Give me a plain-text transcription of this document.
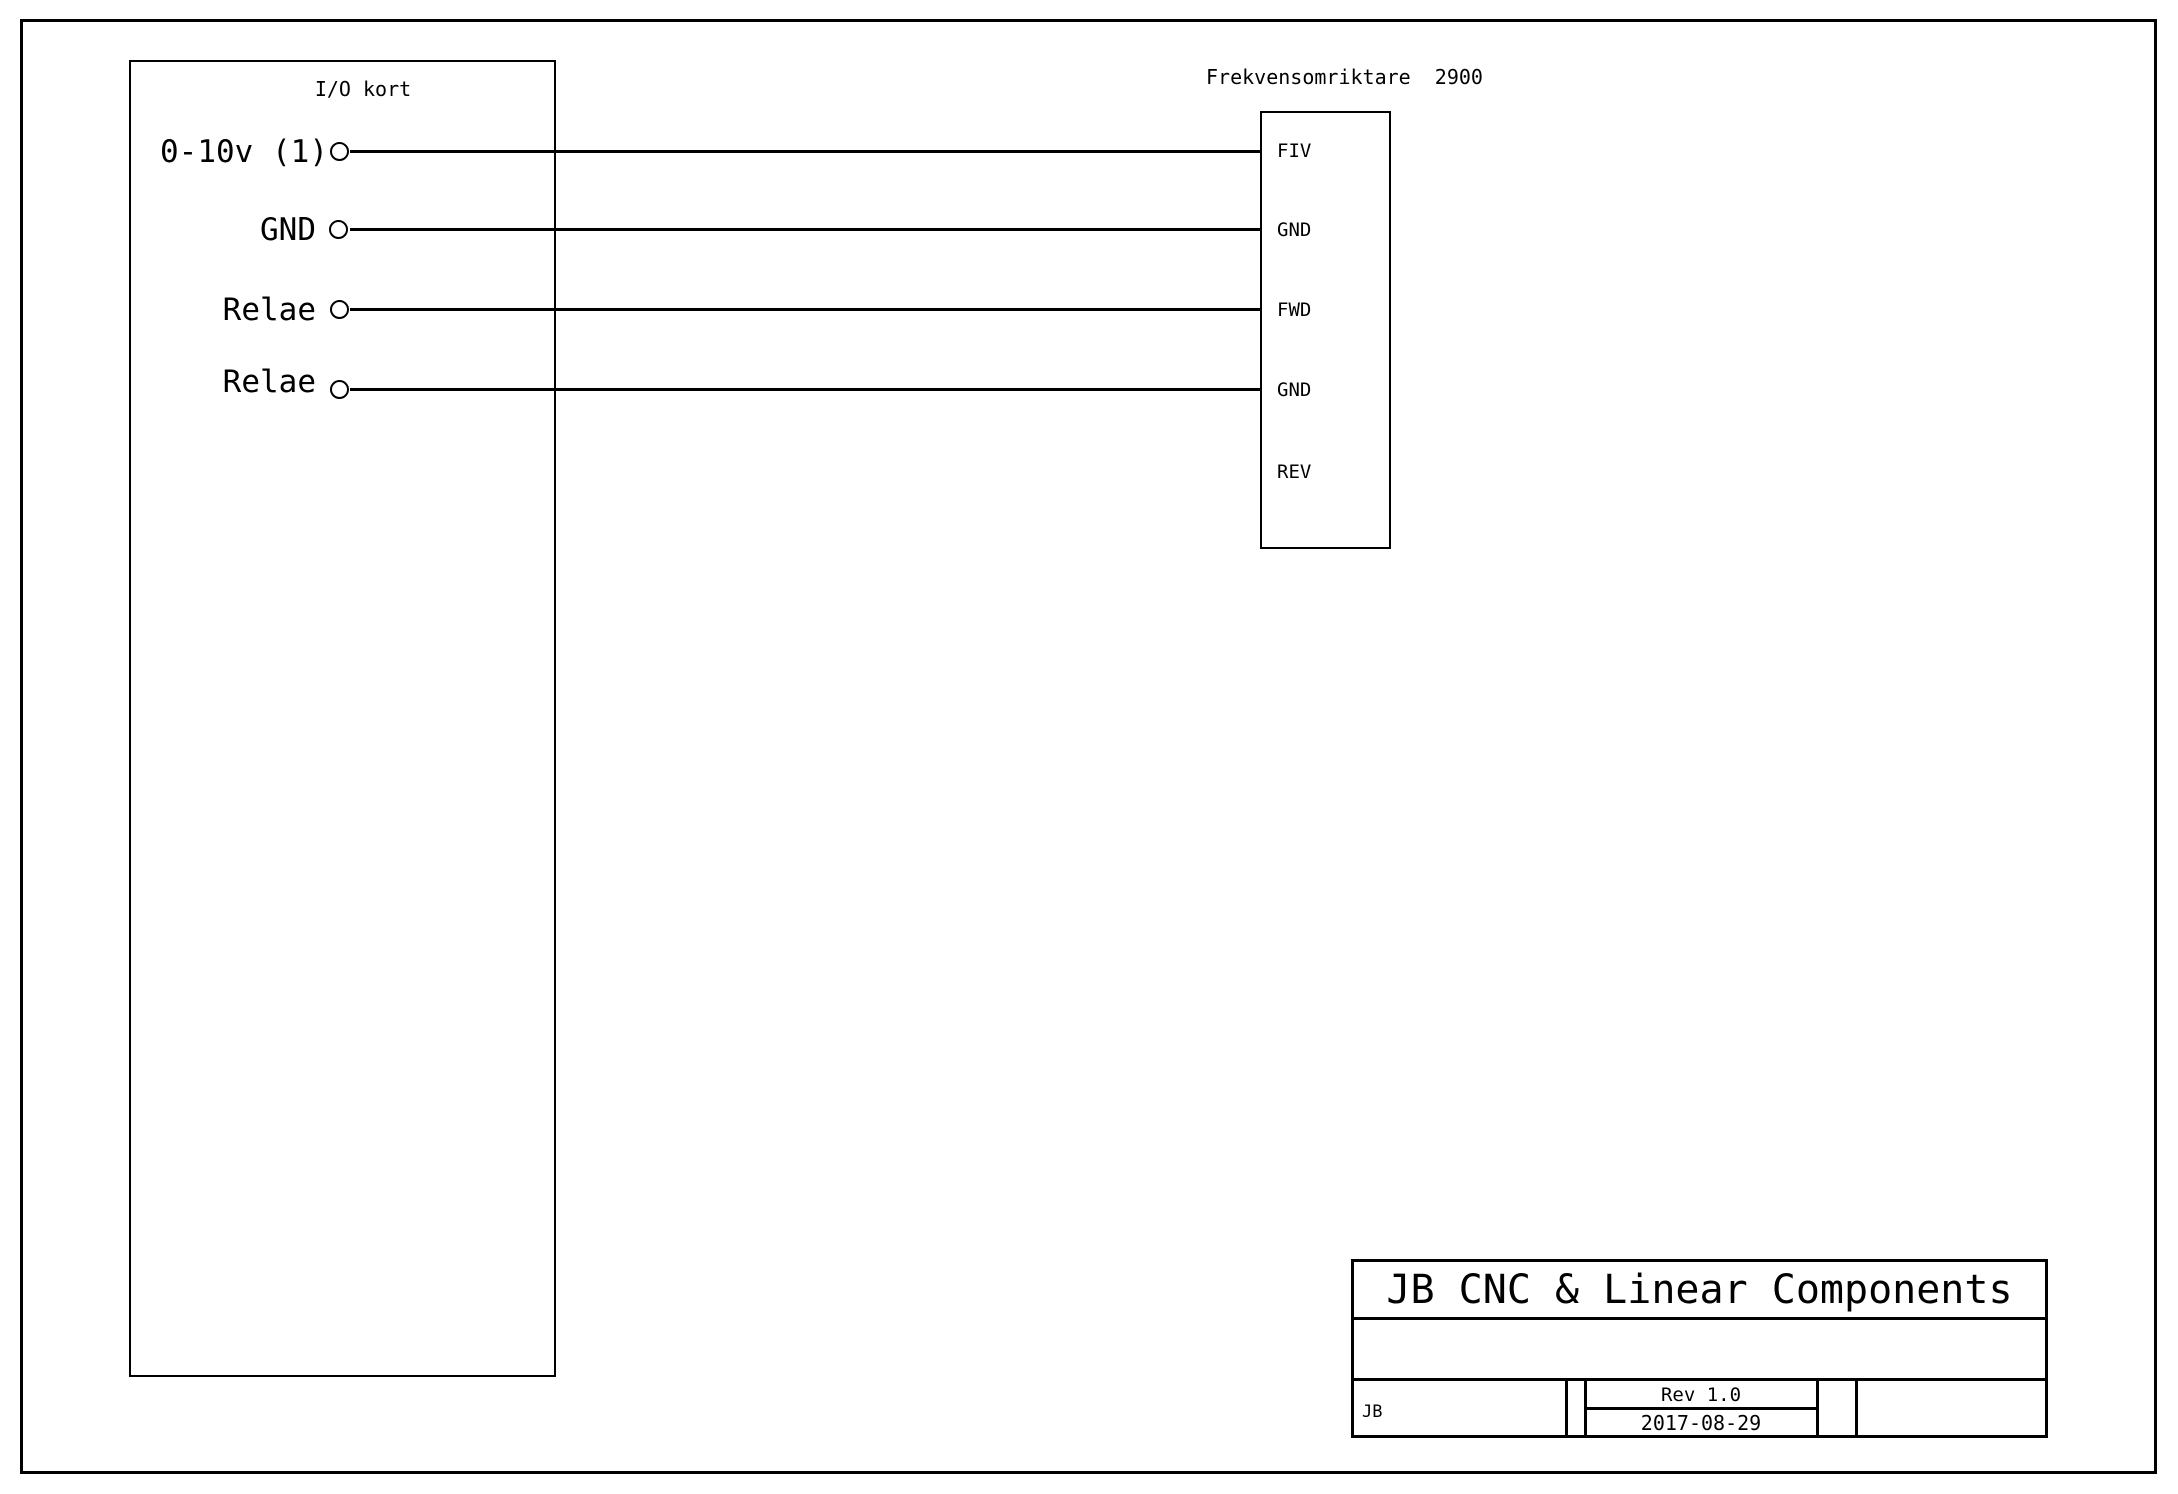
I/O kort
0-10v (1)
GND
Relae
Relae
Frekvensomriktare  2900
FIV
GND
FWD
GND
REV
JB CNC & Linear Components
JB
Rev 1.0
2017-08-29
